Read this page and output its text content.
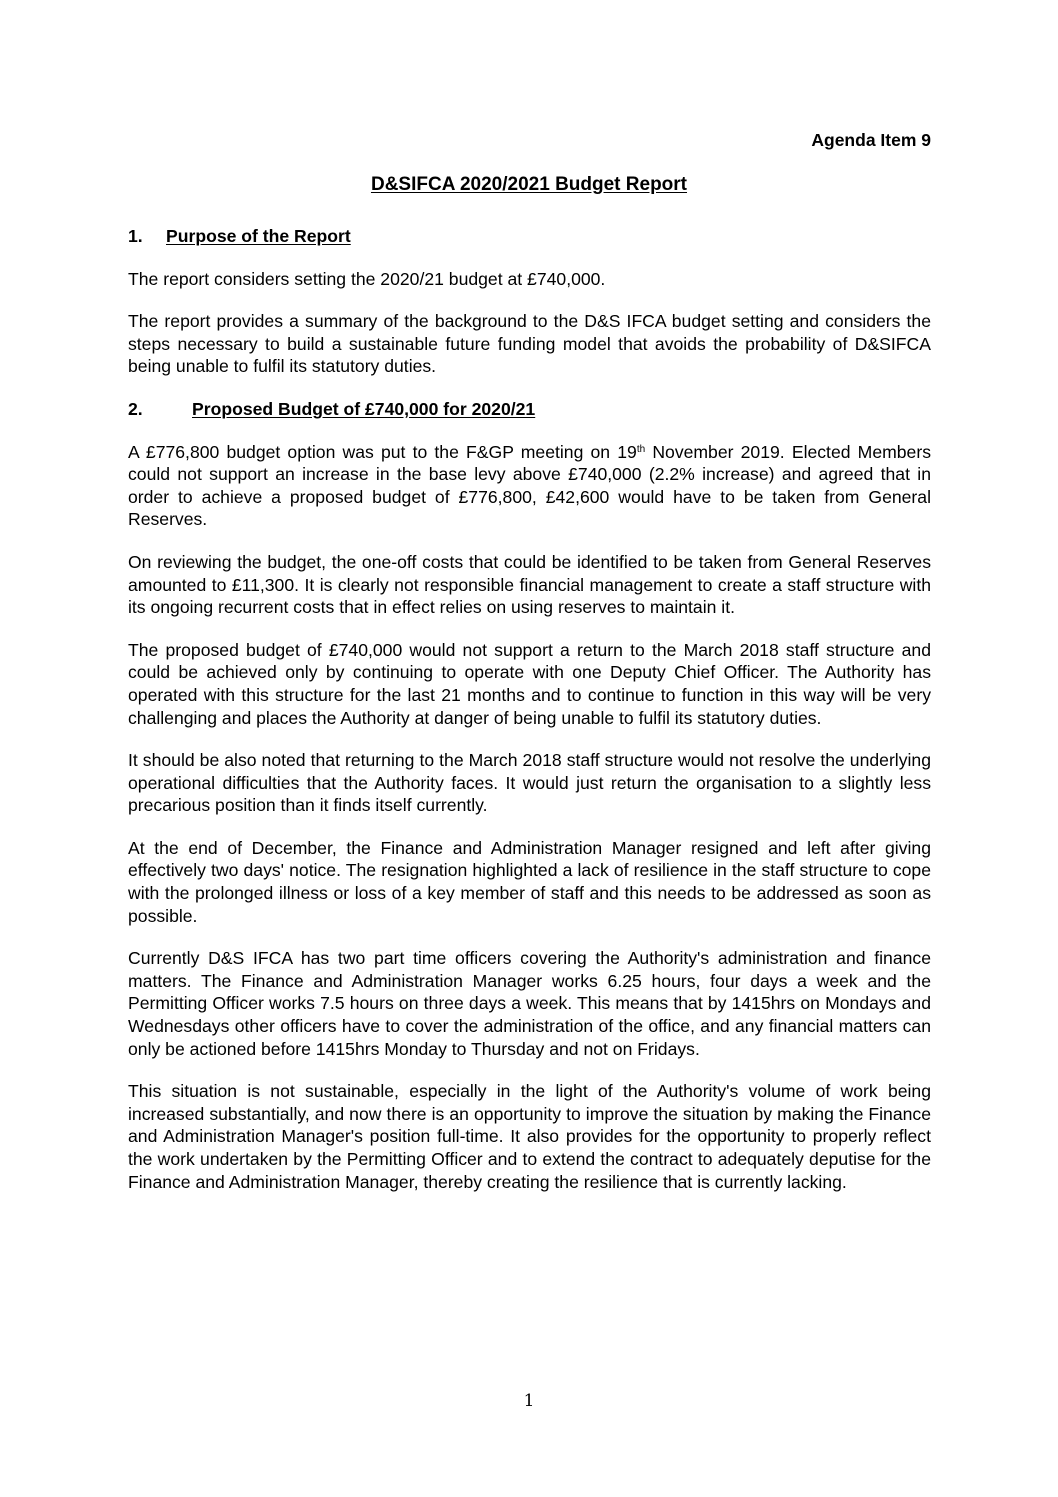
Agenda Item 9
D&SIFCA 2020/2021 Budget Report
1.	Purpose of the Report

The report considers setting the 2020/21 budget at £740,000.

The report provides a summary of the background to the D&S IFCA budget setting and considers the steps necessary to build a sustainable future funding model that avoids the probability of D&SIFCA being unable to fulfil its statutory duties.

2.	Proposed Budget of £740,000 for 2020/21

A £776,800 budget option was put to the F&GP meeting on 19th November 2019. Elected Members could not support an increase in the base levy above £740,000 (2.2% increase) and agreed that in order to achieve a proposed budget of £776,800, £42,600 would have to be taken from General Reserves.

On reviewing the budget, the one-off costs that could be identified to be taken from General Reserves amounted to £11,300. It is clearly not responsible financial management to create a staff structure with its ongoing recurrent costs that in effect relies on using reserves to maintain it.

The proposed budget of £740,000 would not support a return to the March 2018 staff structure and could be achieved only by continuing to operate with one Deputy Chief Officer. The Authority has operated with this structure for the last 21 months and to continue to function in this way will be very challenging and places the Authority at danger of being unable to fulfil its statutory duties.

It should be also noted that returning to the March 2018 staff structure would not resolve the underlying operational difficulties that the Authority faces. It would just return the organisation to a slightly less precarious position than it finds itself currently.

At the end of December, the Finance and Administration Manager resigned and left after giving effectively two days' notice. The resignation highlighted a lack of resilience in the staff structure to cope with the prolonged illness or loss of a key member of staff and this needs to be addressed as soon as possible.

Currently D&S IFCA has two part time officers covering the Authority's administration and finance matters. The Finance and Administration Manager works 6.25 hours, four days a week and the Permitting Officer works 7.5 hours on three days a week. This means that by 1415hrs on Mondays and Wednesdays other officers have to cover the administration of the office, and any financial matters can only be actioned before 1415hrs Monday to Thursday and not on Fridays.

This situation is not sustainable, especially in the light of the Authority's volume of work being increased substantially, and now there is an opportunity to improve the situation by making the Finance and Administration Manager's position full-time. It also provides for the opportunity to properly reflect the work undertaken by the Permitting Officer and to extend the contract to adequately deputise for the Finance and Administration Manager, thereby creating the resilience that is currently lacking.

1
